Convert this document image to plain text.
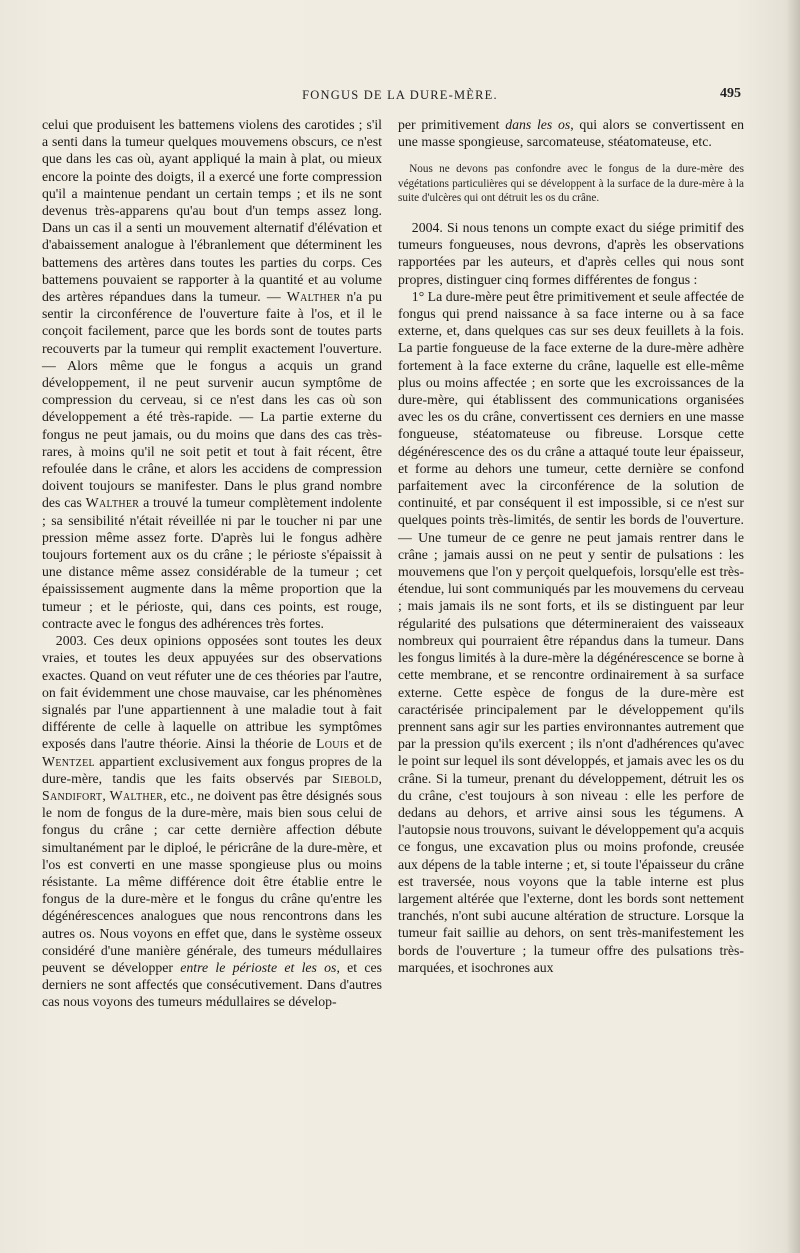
FONGUS DE LA DURE-MÈRE.	495

celui que produisent les battemens violens des carotides ; s'il a senti dans la tumeur quelques mouvemens obscurs, ce n'est que dans les cas où, ayant appliqué la main à plat, ou mieux encore la pointe des doigts, il a exercé une forte compression qu'il a maintenue pendant un certain temps ; et ils ne sont devenus très-apparens qu'au bout d'un temps assez long. Dans un cas il a senti un mouvement alternatif d'élévation et d'abaissement analogue à l'ébranlement que déterminent les battemens des artères dans toutes les parties du corps. Ces battemens pouvaient se rapporter à la quantité et au volume des artères répandues dans la tumeur. — Walther n'a pu sentir la circonférence de l'ouverture faite à l'os, et il le conçoit facilement, parce que les bords sont de toutes parts recouverts par la tumeur qui remplit exactement l'ouverture. — Alors même que le fongus a acquis un grand développement, il ne peut survenir aucun symptôme de compression du cerveau, si ce n'est dans les cas où son développement a été très-rapide. — La partie externe du fongus ne peut jamais, ou du moins que dans des cas très-rares, à moins qu'il ne soit petit et tout à fait récent, être refoulée dans le crâne, et alors les accidens de compression doivent toujours se manifester. Dans le plus grand nombre des cas Walther a trouvé la tumeur complètement indolente ; sa sensibilité n'était réveillée ni par le toucher ni par une pression même assez forte. D'après lui le fongus adhère toujours fortement aux os du crâne ; le périoste s'épaissit à une distance même assez considérable de la tumeur ; cet épaississement augmente dans la même proportion que la tumeur ; et le périoste, qui, dans ces points, est rouge, contracte avec le fongus des adhérences très fortes.

2003. Ces deux opinions opposées sont toutes les deux vraies, et toutes les deux appuyées sur des observations exactes. Quand on veut réfuter une de ces théories par l'autre, on fait évidemment une chose mauvaise, car les phénomènes signalés par l'une appartiennent à une maladie tout à fait différente de celle à laquelle on attribue les symptômes exposés dans l'autre théorie. Ainsi la théorie de Louis et de Wentzel appartient exclusivement aux fongus propres de la dure-mère, tandis que les faits observés par Siebold, Sandifort, Walther, etc., ne doivent pas être désignés sous le nom de fongus de la dure-mère, mais bien sous celui de fongus du crâne ; car cette dernière affection débute simultanément par le diploé, le péricrâne de la dure-mère, et l'os est converti en une masse spongieuse plus ou moins résistante. La même différence doit être établie entre le fongus de la dure-mère et le fongus du crâne qu'entre les dégénérescences analogues que nous rencontrons dans les autres os. Nous voyons en effet que, dans le système osseux considéré d'une manière générale, des tumeurs médullaires peuvent se développer entre le périoste et les os, et ces derniers ne sont affectés que consécutivement. Dans d'autres cas nous voyons des tumeurs médullaires se dévelop-

per primitivement dans les os, qui alors se convertissent en une masse spongieuse, sarcomateuse, stéatomateuse, etc.

Nous ne devons pas confondre avec le fongus de la dure-mère des végétations particulières qui se développent à la surface de la dure-mère à la suite d'ulcères qui ont détruit les os du crâne.

2004. Si nous tenons un compte exact du siége primitif des tumeurs fongueuses, nous devrons, d'après les observations rapportées par les auteurs, et d'après celles qui nous sont propres, distinguer cinq formes différentes de fongus :

1° La dure-mère peut être primitivement et seule affectée de fongus qui prend naissance à sa face interne ou à sa face externe, et, dans quelques cas sur ses deux feuillets à la fois. La partie fongueuse de la face externe de la dure-mère adhère fortement à la face externe du crâne, laquelle est elle-même plus ou moins affectée ; en sorte que les excroissances de la dure-mère, qui établissent des communications organisées avec les os du crâne, convertissent ces derniers en une masse fongueuse, stéatomateuse ou fibreuse. Lorsque cette dégénérescence des os du crâne a attaqué toute leur épaisseur, et forme au dehors une tumeur, cette dernière se confond parfaitement avec la circonférence de la solution de continuité, et par conséquent il est impossible, si ce n'est sur quelques points très-limités, de sentir les bords de l'ouverture. — Une tumeur de ce genre ne peut jamais rentrer dans le crâne ; jamais aussi on ne peut y sentir de pulsations : les mouvemens que l'on y perçoit quelquefois, lorsqu'elle est très-étendue, lui sont communiqués par les mouvemens du cerveau ; mais jamais ils ne sont forts, et ils se distinguent par leur régularité des pulsations que détermineraient des vaisseaux nombreux qui pourraient être répandus dans la tumeur. Dans les fongus limités à la dure-mère la dégénérescence se borne à cette membrane, et se rencontre ordinairement à sa surface externe. Cette espèce de fongus de la dure-mère est caractérisée principalement par le développement qu'ils prennent sans agir sur les parties environnantes autrement que par la pression qu'ils exercent ; ils n'ont d'adhérences qu'avec le point sur lequel ils sont développés, et jamais avec les os du crâne. Si la tumeur, prenant du développement, détruit les os du crâne, c'est toujours à son niveau : elle les perfore de dedans au dehors, et arrive ainsi sous les tégumens. A l'autopsie nous trouvons, suivant le développement qu'a acquis ce fongus, une excavation plus ou moins profonde, creusée aux dépens de la table interne ; et, si toute l'épaisseur du crâne est traversée, nous voyons que la table interne est plus largement altérée que l'externe, dont les bords sont nettement tranchés, n'ont subi aucune altération de structure. Lorsque la tumeur fait saillie au dehors, on sent très-manifestement les bords de l'ouverture ; la tumeur offre des pulsations très-marquées, et isochrones aux
